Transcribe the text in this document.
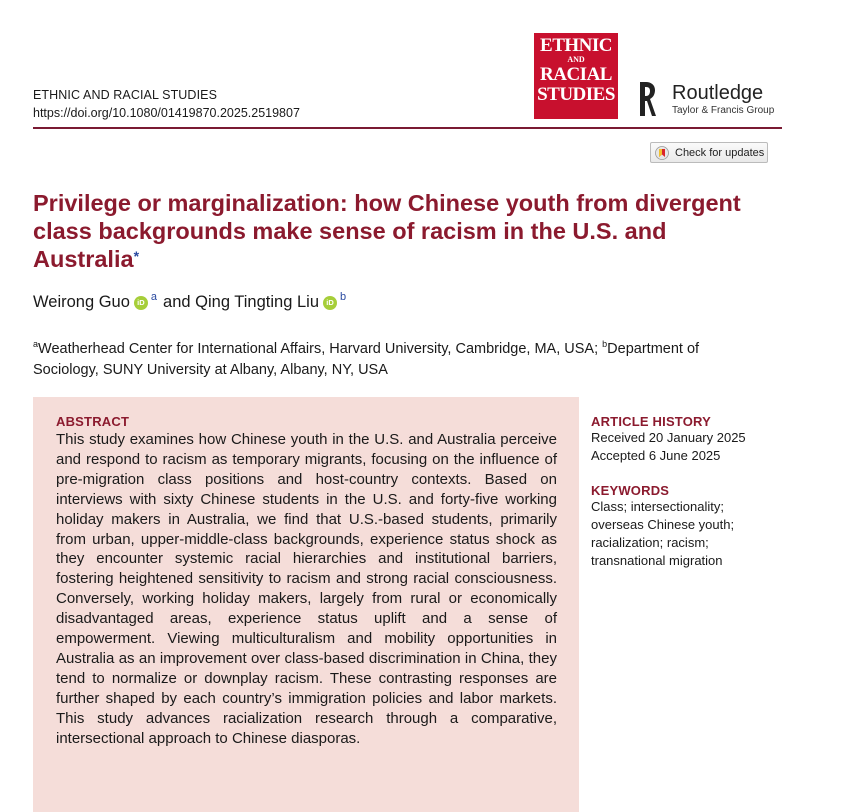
ETHNIC AND RACIAL STUDIES
https://doi.org/10.1080/01419870.2025.2519807
ETHNIC
AND
RACIAL
STUDIES	Routledge
Taylor & Francis Group
Check for updates
Privilege or marginalization: how Chinese youth from divergent class backgrounds make sense of racism in the U.S. and Australia*
Weirong Guo iD a and Qing Tingting Liu iD b
$^a$Weatherhead Center for International Affairs, Harvard University, Cambridge, MA, USA; $^b$Department of Sociology, SUNY University at Albany, Albany, NY, USA
ABSTRACT
This study examines how Chinese youth in the U.S. and Australia perceive and respond to racism as temporary migrants, focusing on the influence of pre-migration class positions and host-country contexts. Based on interviews with sixty Chinese students in the U.S. and forty-five working holiday makers in Australia, we find that U.S.-based students, primarily from urban, upper-middle-class backgrounds, experience status shock as they encounter systemic racial hierarchies and institutional barriers, fostering heightened sensitivity to racism and strong racial consciousness. Conversely, working holiday makers, largely from rural or economically disadvantaged areas, experience status uplift and a sense of empowerment. Viewing multiculturalism and mobility opportunities in Australia as an improvement over class-based discrimination in China, they tend to normalize or downplay racism. These contrasting responses are further shaped by each country’s immigration policies and labor markets. This study advances racialization research through a comparative, intersectional approach to Chinese diasporas.
ARTICLE HISTORY
Received 20 January 2025
Accepted 6 June 2025
KEYWORDS
Class; intersectionality; overseas Chinese youth; racialization; racism; transnational migration
